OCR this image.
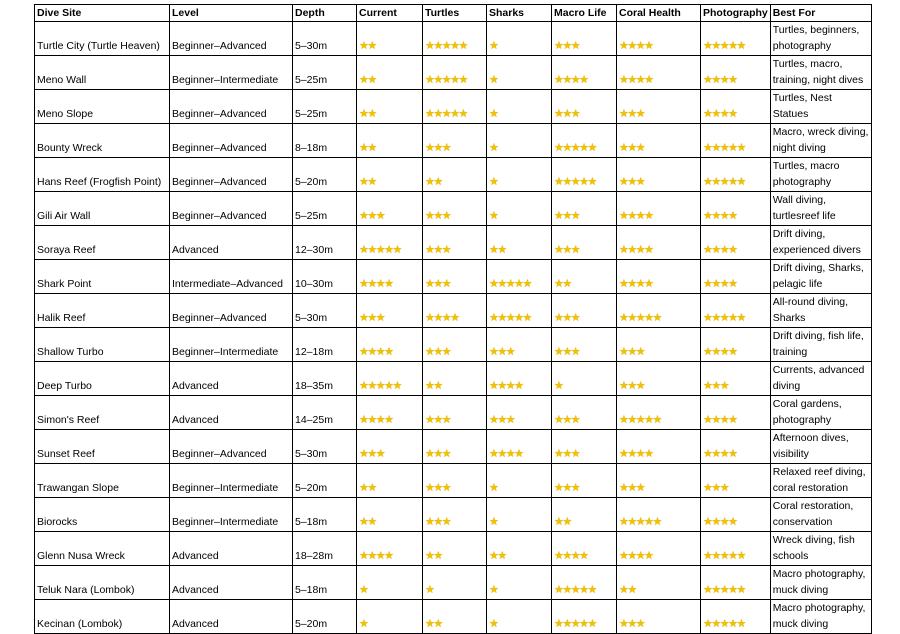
Dive Site	Level	Depth	Current	Turtles	Sharks	Macro Life	Coral Health	Photography	Best For
Turtle City (Turtle Heaven)	Beginner–Advanced	5–30m	★★	★★★★★	★	★★★	★★★★	★★★★★	Turtles, beginners, photography
Meno Wall	Beginner–Intermediate	5–25m	★★	★★★★★	★	★★★★	★★★★	★★★★	Turtles, macro, training, night dives
Meno Slope	Beginner–Advanced	5–25m	★★	★★★★★	★	★★★	★★★	★★★★	Turtles, Nest Statues
Bounty Wreck	Beginner–Advanced	8–18m	★★	★★★	★	★★★★★	★★★	★★★★★	Macro, wreck diving, night diving
Hans Reef (Frogfish Point)	Beginner–Advanced	5–20m	★★	★★	★	★★★★★	★★★	★★★★★	Turtles, macro photography
Gili Air Wall	Beginner–Advanced	5–25m	★★★	★★★	★	★★★	★★★★	★★★★	Wall diving, turtlesreef life
Soraya Reef	Advanced	12–30m	★★★★★	★★★	★★	★★★	★★★★	★★★★	Drift diving, experienced divers
Shark Point	Intermediate–Advanced	10–30m	★★★★	★★★	★★★★★	★★	★★★★	★★★★	Drift diving, Sharks, pelagic life
Halik Reef	Beginner–Advanced	5–30m	★★★	★★★★	★★★★★	★★★	★★★★★	★★★★★	All-round diving, Sharks
Shallow Turbo	Beginner–Intermediate	12–18m	★★★★	★★★	★★★	★★★	★★★	★★★★	Drift diving, fish life, training
Deep Turbo	Advanced	18–35m	★★★★★	★★	★★★★	★	★★★	★★★	Currents, advanced diving
Simon's Reef	Advanced	14–25m	★★★★	★★★	★★★	★★★	★★★★★	★★★★	Coral gardens, photography
Sunset Reef	Beginner–Advanced	5–30m	★★★	★★★	★★★★	★★★	★★★★	★★★★	Afternoon dives, visibility
Trawangan Slope	Beginner–Intermediate	5–20m	★★	★★★	★	★★★	★★★	★★★	Relaxed reef diving, coral restoration
Biorocks	Beginner–Intermediate	5–18m	★★	★★★	★	★★	★★★★★	★★★★	Coral restoration, conservation
Glenn Nusa Wreck	Advanced	18–28m	★★★★	★★	★★	★★★★	★★★★	★★★★★	Wreck diving, fish schools
Teluk Nara (Lombok)	Advanced	5–18m	★	★	★	★★★★★	★★	★★★★★	Macro photography, muck diving
Kecinan (Lombok)	Advanced	5–20m	★	★★	★	★★★★★	★★★	★★★★★	Macro photography, muck diving
